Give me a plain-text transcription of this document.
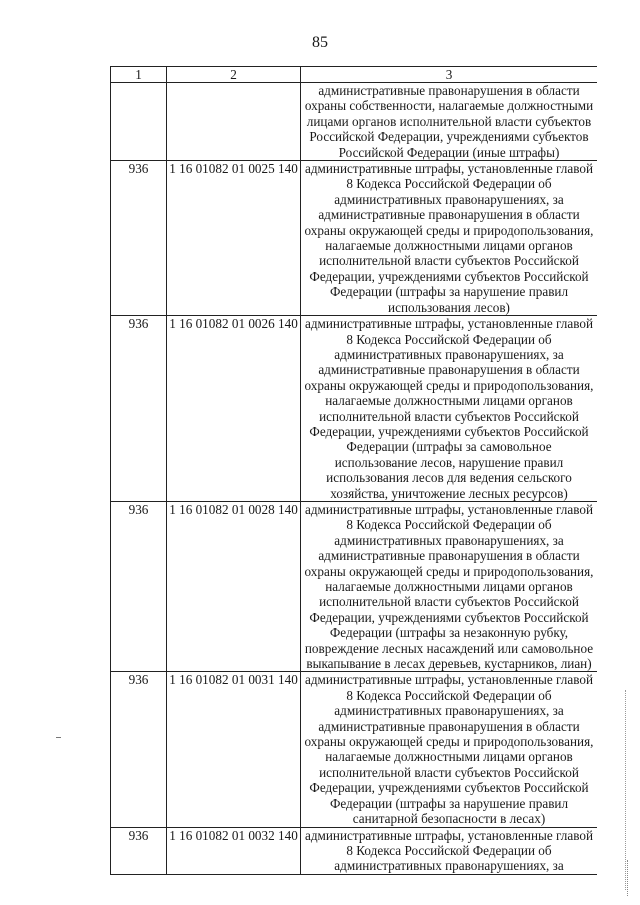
85
1	2	3
		административные правонарушения в области охраны собственности, налагаемые должностными лицами органов исполнительной власти субъектов Российской Федерации, учреждениями субъектов Российской Федерации (иные штрафы)
936	1 16 01082 01 0025 140	административные штрафы, установленные главой 8 Кодекса Российской Федерации об административных правонарушениях, за административные правонарушения в области охраны окружающей среды и природопользования, налагаемые должностными лицами органов исполнительной власти субъектов Российской Федерации, учреждениями субъектов Российской Федерации (штрафы за нарушение правил использования лесов)
936	1 16 01082 01 0026 140	административные штрафы, установленные главой 8 Кодекса Российской Федерации об административных правонарушениях, за административные правонарушения в области охраны окружающей среды и природопользования, налагаемые должностными лицами органов исполнительной власти субъектов Российской Федерации, учреждениями субъектов Российской Федерации (штрафы за самовольное использование лесов, нарушение правил использования лесов для ведения сельского хозяйства, уничтожение лесных ресурсов)
936	1 16 01082 01 0028 140	административные штрафы, установленные главой 8 Кодекса Российской Федерации об административных правонарушениях, за административные правонарушения в области охраны окружающей среды и природопользования, налагаемые должностными лицами органов исполнительной власти субъектов Российской Федерации, учреждениями субъектов Российской Федерации (штрафы за незаконную рубку, повреждение лесных насаждений или самовольное выкапывание в лесах деревьев, кустарников, лиан)
936	1 16 01082 01 0031 140	административные штрафы, установленные главой 8 Кодекса Российской Федерации об административных правонарушениях, за административные правонарушения в области охраны окружающей среды и природопользования, налагаемые должностными лицами органов исполнительной власти субъектов Российской Федерации, учреждениями субъектов Российской Федерации (штрафы за нарушение правил санитарной безопасности в лесах)
936	1 16 01082 01 0032 140	административные штрафы, установленные главой 8 Кодекса Российской Федерации об административных правонарушениях, за
